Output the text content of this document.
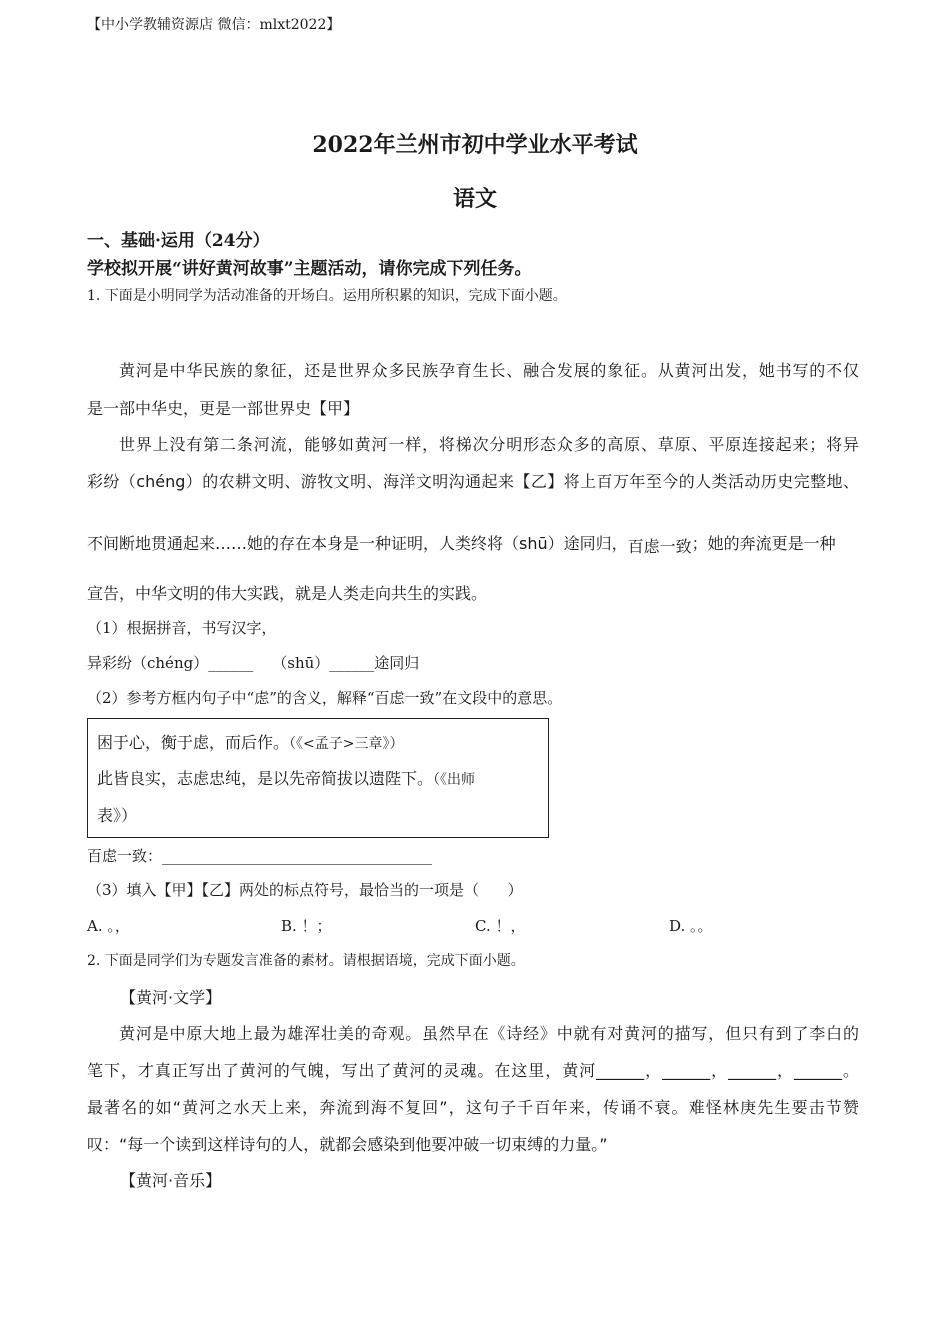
【中小学教辅资源店 微信：mlxt2022】
2022年兰州市初中学业水平考试
语文
一、基础·运用（24分）
学校拟开展“讲好黄河故事”主题活动，请你完成下列任务。
1. 下面是小明同学为活动准备的开场白。运用所积累的知识，完成下面小题。
黄河是中华民族的象征，还是世界众多民族孕育生长、融合发展的象征。从黄河出发，她书写的不仅
是一部中华史，更是一部世界史【甲】
世界上没有第二条河流，能够如黄河一样，将梯次分明形态众多的高原、草原、平原连接起来；将异
彩纷（chéng）的农耕文明、游牧文明、海洋文明沟通起来【乙】将上百万年至今的人类活动历史完整地、
不间断地贯通起来……她的存在本身是一种证明，人类终将（shū）途同归，百虑一致；她的奔流更是一种
宣告，中华文明的伟大实践，就是人类走向共生的实践。
（1）根据拼音，书写汉字，
异彩纷（chéng）______    （shū）______途同归
（2）参考方框内句子中“虑”的含义，解释“百虑一致”在文段中的意思。
困于心，衡于虑，而后作。（《<孟子>三章》）
此皆良实，志虑忠纯，是以先帝简拔以遗陛下。（《出师
表》）
百虑一致：____________________________________
（3）填入【甲】【乙】两处的标点符号，最恰当的一项是（      ）
A. 。，	B. ！；	C. ！，	D. 。。
2. 下面是同学们为专题发言准备的素材。请根据语境，完成下面小题。
【黄河·文学】
黄河是中原大地上最为雄浑壮美的奇观。虽然早在《诗经》中就有对黄河的描写，但只有到了李白的
笔下，才真正写出了黄河的气魄，写出了黄河的灵魂。在这里，黄河______，______，______，______。
最著名的如“黄河之水天上来，奔流到海不复回”，这句子千百年来，传诵不衰。难怪林庚先生要击节赞
叹：“每一个读到这样诗句的人，就都会感染到他要冲破一切束缚的力量。”
【黄河·音乐】
